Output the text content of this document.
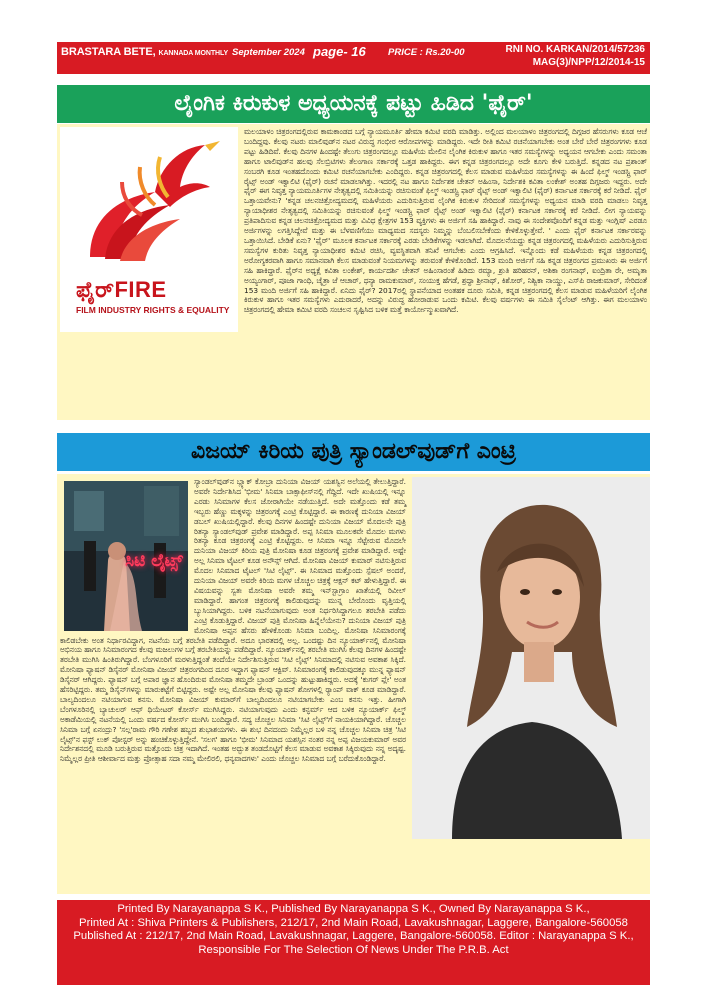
BRASTARA BETE, KANNADA MONTHLY September 2024 page- 16 PRICE : Rs.20-00	RNI NO. KARKAN/2014/57236
MAG(3)/NPP/12/2014-15
ಲೈಂಗಿಕ ಕಿರುಕುಳ ಅಧ್ಯಯನಕ್ಕೆ ಪಟ್ಟು ಹಿಡಿದ 'ಫೈರ್'
ಫೈರ್FIRE
FILM INDUSTRY RIGHTS & EQUALITY

ಮಲಯಾಳಂ ಚಿತ್ರರಂಗದಲ್ಲಿರುವ ಕಾಮಕಾಂಡದ ಬಗ್ಗೆ ನ್ಯಾಯಮೂರ್ತಿ ಹೇಮಾ ಕಮಿಟಿ ವರದಿ ಮಾಡಿತ್ತು. ಅಲ್ಲಿಂದ ಮಲಯಾಳಂ ಚಿತ್ರರಂಗದಲ್ಲಿ ದಿಗ್ಗಜರ ಹೆಸರುಗಳು ಕೂಡ ಆಚೆ ಬಂದಿದ್ದವು. ಕೆಲವು ನಟರು ಮಾಲಿವುಡ್‌ನ ನಟರ ವಿರುದ್ಧ ಗಂಭೀರ ಆರೋಪಗಳನ್ನು ಮಾಡಿದ್ದರು. ಇದೇ ರೀತಿ ಕಮಿಟಿ ರಚನೆಯಾಗಬೇಕು ಅಂತ ಬೇರೆ ಬೇರೆ ಚಿತ್ರರಂಗಗಳು ಕೂಡ ಪಟ್ಟು ಹಿಡಿದಿವೆ. ಕೆಲವು ದಿನಗಳ ಹಿಂದಷ್ಟೇ ತೆಲುಗು ಚಿತ್ರರಂಗದಲ್ಲೂ ಮಹಿಳೆಯ ಮೇಲಿನ ಲೈಂಗಿಕ ಕಿರುಕುಳ ಹಾಗೂ ಇತರ ಸಮಸ್ಯೆಗಳನ್ನು ಅಧ್ಯಯನ ಆಗಬೇಕು ಎಂದು ಸಮಂತಾ ಹಾಗೂ ಟಾಲಿವುಡ್‌ನ ಹಲವು ಸೆಲಬ್ರಿಟಿಗಳು ತೆಲಂಗಾಣ ಸರ್ಕಾರಕ್ಕೆ ಒತ್ತಡ ಹಾಕಿದ್ದರು. ಈಗ ಕನ್ನಡ ಚಿತ್ರರಂಗದಲ್ಲೂ ಅದೇ ಕೂಗು ಕೇಳಿ ಬರುತ್ತಿದೆ. ಕನ್ನಡದ ನಟ ಪ್ರಶಾಂತ್ ಸಂಬರಗಿ ಕೂಡ ಇಂತಹದೊಂದು ಕಮಿಟಿ ರಚನೆಯಾಗಬೇಕು ಎಂದಿದ್ದರು. ಕನ್ನಡ ಚಿತ್ರರಂಗದಲ್ಲಿ ಕೆಲಸ ಮಾಡುವ ಮಹಿಳೆಯರ ಸಮಸ್ಯೆಗಳನ್ನು ಈ ಹಿಂದೆ ಫಿಲ್ಮ್ ಇಂಡಸ್ಟ್ರಿ ಫಾರ್ ರೈಟ್ಸ್ ಅಂಡ್ ಇಕ್ವಾಲಿಟಿ (ಫೈರ್) ರಚನೆ ಮಾಡಲಾಗಿತ್ತು. ಇದರಲ್ಲಿ ನಟ ಹಾಗೂ ನಿರ್ದೇಶಕ ಚೇತನ್ ಅಹಿಂಸಾ, ನಿರ್ದೇಶಕಿ ಕವಿತಾ ಲಂಕೇಶ್ ಅಂತಹ ದಿಗ್ಗಜರು ಇದ್ದರು. ಅದೇ ಫೈರ್ ಈಗ ನಿವೃತ್ತ ನ್ಯಾಯಮೂರ್ತಿಗಳ ನೇತೃತ್ವದಲ್ಲಿ ಸಮಿತಿಯನ್ನು ರಚಿಸುವಂತೆ ಫಿಲ್ಮ್ ಇಂಡಸ್ಟ್ರಿ ಫಾರ್ ರೈಟ್ಸ್ ಅಂಡ್ ಇಕ್ವಾಲಿಟಿ (ಫೈರ್) ಕರ್ನಾಟಕ ಸರ್ಕಾರಕ್ಕೆ ಕರೆ ನೀಡಿದೆ. ಫೈರ್ ಒತ್ತಾಯವೇನು? 'ಕನ್ನಡ ಚಲನಚಿತ್ರೋದ್ಯಮದಲ್ಲಿ ಮಹಿಳೆಯರು ಎದುರಿಸುತ್ತಿರುವ ಲೈಂಗಿಕ ಕಿರುಕುಳ ಸೇರಿದಂತೆ ಸಮಸ್ಯೆಗಳನ್ನು ಅಧ್ಯಯನ ಮಾಡಿ ವರದಿ ಮಾಡಲು ನಿವೃತ್ತ ನ್ಯಾಯಾಧೀಶರ ನೇತೃತ್ವದಲ್ಲಿ ಸಮಿತಿಯನ್ನು ರಚಿಸುವಂತೆ ಫಿಲ್ಮ್ ಇಂಡಸ್ಟ್ರಿ ಫಾರ್ ರೈಟ್ಸ್ ಅಂಡ್ ಇಕ್ವಾಲಿಟಿ (ಫೈರ್) ಕರ್ನಾಟಕ ಸರ್ಕಾರಕ್ಕೆ ಕರೆ ನೀಡಿದೆ. ಲೀಗ ನ್ಯಾಯವನ್ನು ಪ್ರತಿಪಾದಿಸುವ ಕನ್ನಡ ಚಲನಚಿತ್ರೋದ್ಯಮದ ಮತ್ತು ವಿವಿಧ ಕ್ಷೇತ್ರಗಳ 153 ವ್ಯಕ್ತಿಗಳು ಈ ಅರ್ಜಿಗೆ ಸಹಿ ಹಾಕಿದ್ದಾರೆ. ನಾವು ಈ ಸಂದೇಶವೊಂದಿಗೆ ಕನ್ನಡ ಮತ್ತು ಇಂಗ್ಲಿಷ್ ಎರಡೂ ಅರ್ಜಿಗಳನ್ನು ಲಗತ್ತಿಸಿದ್ದೇವೆ ಮತ್ತು ಈ ಬೆಳವಣಿಗೆಯು ಮಾಧ್ಯಮದ ಸದಸ್ಯರು ನಿಮ್ಮನ್ನು ಬೆಂಬಲಿಸಬೇಕೆಂದು ಕೇಳಿಕೊಳ್ಳುತ್ತೇವೆ. ' ಎಂದು ಫೈರ್ ಕರ್ನಾಟಕ ಸರ್ಕಾರವನ್ನು ಒತ್ತಾಯಿಸಿದೆ. ಬೇಡಿಕೆ ಏನು? 'ಫೈರ್' ಮೂಲಕ ಕರ್ನಾಟಕ ಸರ್ಕಾರಕ್ಕೆ ಎರಡು ಬೇಡಿಕೆಗಳನ್ನು ಇಡಲಾಗಿದೆ. ಮೊದಲನೆಯದ್ದು ಕನ್ನಡ ಚಿತ್ರರಂಗದಲ್ಲಿ ಮಹಿಳೆಯರು ಎದುರಿಸುತ್ತಿರುವ ಸಮಸ್ಯೆಗಳ ಕುರಿತು ನಿವೃತ್ತ ನ್ಯಾಯಾಧೀಶರ ಕಮಿಟಿ ರಚಿಸಿ, ವ್ಯವಸ್ಥಿತವಾಗಿ ತನಿಖೆ ಆಗಬೇಕು ಎಂದು ಆಗ್ರಹಿಸಿದೆ. ಇನ್ನೊಂದು ಕಡೆ ಮಹಿಳೆಯರು ಕನ್ನಡ ಚಿತ್ರರಂಗದಲ್ಲಿ ಅರೋಗ್ಯಕರವಾಗಿ ಹಾಗೂ ಸಮಾನವಾಗಿ ಕೆಲಸ ಮಾಡುವಂತೆ ನಿಯಮಗಳನ್ನು ತರುವಂತೆ ಕೇಳಿಕೊಂಡಿದೆ. 153 ಮಂದಿ ಅರ್ಜಿಗೆ ಸಹಿ ಕನ್ನಡ ಚಿತ್ರರಂಗದ ಪ್ರಮುಖರು ಈ ಅರ್ಜಿಗೆ ಸಹಿ ಹಾಕಿದ್ದಾರೆ. ಫೈರ್‌ನ ಅಧ್ಯಕ್ಷೆ ಕವಿತಾ ಲಂಕೇಶ್, ಕಾರ್ಯದರ್ಶಿ ಚೇತನ್ ಅಹಿಂಸಾರಂತೆ ಹಿಡಿದು ರಮ್ಯಾ, ಶ್ರುತಿ ಹರಿಹರನ್, ಅಶಿಕಾ ರಂಗನಾಥ್, ಐಂದ್ರಿತಾ ರೇ, ಅಮೃತಾ ಅಯ್ಯಂಗಾರ್, ಪೂಜಾ ಗಾಂಧಿ, ಚೈತ್ರಾ ಜೆ ಆಚಾರ್, ಧನ್ಯಾ ರಾಮಕುಮಾರ್, ಸಂಯುಕ್ತ ಹೆಗಡೆ, ಶ್ರದ್ಧಾ ಶ್ರೀನಾಥ್, ಕಿಶೋರ್, ನಿಶ್ವಿಕಾ ನಾಯ್ಡು, ಎಸ್‌ಪಿ ರಾಜಕುಮಾರ್, ಸೇರಿದಂತೆ 153 ಮಂದಿ ಅರ್ಜಿಗೆ ಸಹಿ ಹಾಕಿದ್ದಾರೆ. ಏನಿದು ಫೈರ್? 2017ರಲ್ಲಿ ಸ್ಥಾಪನೆಯಾದ ಅಂತಹಕ ದೂರು ಸಮಿತಿ, ಕನ್ನಡ ಚಿತ್ರರಂಗದಲ್ಲಿ ಕೆಲಸ ಮಾಡುವ ಮಹಿಳೆಯರಿಗೆ ಲೈಂಗಿಕ ಕಿರುಕುಳ ಹಾಗೂ ಇತರ ಸಮಸ್ಯೆಗಳು ಎದುರಾದರೆ, ಅದನ್ನು ವಿರುದ್ಧ ಹೋರಾಡುವ ಒಂದು ಕಮಿಟಿ. ಕೆಲವು ವರ್ಷಗಳು ಈ ಸಮಿತಿ ಸೈಲೆಂಟ್ ಆಗಿತ್ತು. ಈಗ ಮಲಯಾಳಂ ಚಿತ್ರರಂಗದಲ್ಲಿ ಹೇಮಾ ಕಮಿಟಿ ವರದಿ ಸಂಚಲನ ಸೃಷ್ಟಿಸಿದ ಬಳಿಕ ಮತ್ತೆ ಕಾರ್ಯೋನ್ಮುಖವಾಗಿದೆ.

ವಿಜಯ್ ಕಿರಿಯ ಪುತ್ರಿ ಸ್ಯಾಂಡಲ್‌ವುಡ್‌ಗೆ ಎಂಟ್ರಿ
ಸಿಟಿ ಲೈಟ್ಸ್

ಸ್ಯಾಂಡಲ್‌ವುಡ್‌ನ ಬ್ಲ್ಯಾಕ್ ಕೋಬ್ರಾ ದುನಿಯಾ ವಿಜಯ್ ಯಶಸ್ವಿನ ಅಲೆಯಲ್ಲಿ ತೇಲುತ್ತಿದ್ದಾರೆ. ಅವರೇ ನಿರ್ದೇಶಿಸಿದ 'ಭೀಮ' ಸಿನಿಮಾ ಬಾಕ್ಸಾಫೀಸ್‌ನಲ್ಲಿ ಗೆದ್ದಿದೆ. ಇದೇ ಖುಷಿಯಲ್ಲಿ ಇನ್ನೂ ಎರಡು ಸಿನಿಮಾಗಳ ಕೆಲಸ ಜೋರಾಗಿಯೇ ನಡೆಯುತ್ತಿದೆ. ಅದೇ ಮತ್ತೊಂದು ಕಡೆ ತಮ್ಮ ಇಬ್ಬರು ಹೆಣ್ಣು ಮಕ್ಕಳನ್ನು ಚಿತ್ರರಂಗಕ್ಕೆ ಎಂಟ್ರಿ ಕೊಟ್ಟಿದ್ದಾರೆ. ಈ ಕಾರಣಕ್ಕೆ ದುನಿಯಾ ವಿಜಯ್ ಡಬಲ್ ಖುಷಿಯಲ್ಲಿದ್ದಾರೆ. ಕೆಲವು ದಿನಗಳ ಹಿಂದಷ್ಟೇ ದುನಿಯಾ ವಿಜಯ್ ಮೊದಲನೇ ಪುತ್ರಿ ರಿತನ್ಯಾ ಸ್ಯಾಂಡಲ್‌ವುಡ್ ಪ್ರವೇಶ ಮಾಡಿದ್ದಾರೆ. ಅಪ್ಪ ಸಿನಿಮಾ ಮೂಲಕವೇ ಮೊದಲ ಮಗಳು ರಿತನ್ಯಾ ಕೂಡ ಚಿತ್ರರಂಗಕ್ಕೆ ಎಂಟ್ರಿ ಕೊಟ್ಟಿದ್ದರು. ಆ ಸಿನಿಮಾ ಇನ್ನೂ ಸೆಟ್ಟೇರುವ ಮೊದಲೇ ದುನಿಯಾ ವಿಜಯ್ ಕಿರಿಯ ಪುತ್ರಿ ಮೋನಿಷಾ ಕೂಡ ಚಿತ್ರರಂಗಕ್ಕೆ ಪ್ರವೇಶ ಮಾಡಿದ್ದಾರೆ. ಅಷ್ಟೇ ಅಲ್ಲ ಸಿನಿಮಾ ಟೈಟಲ್ ಕೂಡ ಅನೌನ್ಸ್ ಆಗಿದೆ. ಮೋನಿಷಾ ವಿಜಯ್ ಕುಮಾರ್ ನಟಿಸುತ್ತಿರುವ ಮೊದಲ ಸಿನಿಮಾದ ಟೈಟಲ್ 'ಸಿಟಿ ಲೈಟ್ಸ್'. ಈ ಸಿನಿಮಾದ ಮತ್ತೊಂದು ಸ್ಪೆಷಲ್ ಅಂದರೆ, ದುನಿಯಾ ವಿಜಯ್ ಅವರೇ ಕಿರಿಯ ಮಗಳ ಚೊಚ್ಚಲ ಚಿತ್ರಕ್ಕೆ ಆಕ್ಷನ್ ಕಟ್ ಹೇಳುತ್ತಿದ್ದಾರೆ. ಈ ವಿಷಯವನ್ನು ಸ್ವತಃ ಮೋನಿಷಾ ಅವರೇ ತಮ್ಮ ಇನ್‌ಸ್ಟಾಗ್ರಾಂ ಖಾತೆಯಲ್ಲಿ ರಿವೀಲ್ ಮಾಡಿದ್ದಾರೆ. ಹಾಗಂತ ಚಿತ್ರರಂಗಕ್ಕೆ ಕಾಲಿಡುವುದನ್ನು ಮುನ್ನ ಬೇರೊಂದು ವೃತ್ತಿಯಲ್ಲಿ ಬ್ಯುಸಿಯಾಗಿದ್ದರು. ಬಳಿಕ ನಟನೆಯಾಗುವುದು ಅಂತ ನಿರ್ಧರಿಸಿದ್ದಾಗಲೂ ತರಬೇತಿ ಪಡೆದು ಎಂಟ್ರಿ ಕೊಡುತ್ತಿದ್ದಾರೆ. ವಿಜಯ್ ಪುತ್ರಿ ಮೋನಿಷಾ ಹಿನ್ನೆಲೆಯೇನು? ದುನಿಯಾ ವಿಜಯ್ ಪುತ್ರಿ ಮೋನಿಷಾ ಅಪ್ಪನ ಹೆಸರು ಹೇಳಿಕೊಂಡು ಸಿನಿಮಾ ಬಂದಿಲ್ಲ. ಮೋನಿಷಾ ಸಿನಿಮಾರಂಗಕ್ಕೆ ಕಾಲಿಡಬೇಕು ಅಂತ ನಿರ್ಧಾರವಿದ್ದಾಗ, ನಟನೆಯ ಬಗ್ಗೆ ತರಬೇತಿ ಪಡೆದಿದ್ದಾರೆ. ಅದೂ ಭಾರತದಲ್ಲಿ ಅಲ್ಲ. ಒಂದಷ್ಟು ದಿನ ನ್ಯೂಯಾರ್ಕ್‌ನಲ್ಲಿ ಮೋನಿಷಾ ಅಭಿನಯ ಹಾಗೂ ಸಿನಿಮಾರಂಗದ ಕೆಲವು ಮಜಲುಗಳ ಬಗ್ಗೆ ತರಬೇತಿಯನ್ನು ಪಡೆದಿದ್ದಾರೆ. ನ್ಯೂಯಾರ್ಕ್‌ನಲ್ಲಿ ತರಬೇತಿ ಮುಗಿಸಿ ಕೆಲವು ದಿನಗಳ ಹಿಂದಷ್ಟೇ ತರಬೇತಿ ಮುಗಿಸಿ ಹಿಂತಿರುಗಿದ್ದಾರೆ. ಬೆಂಗಳೂರಿಗೆ ಮರಳುತ್ತಿದ್ದಂತೆ ತಂದೆಯೇ ನಿರ್ದೇಶಿಸುತ್ತಿರುವ 'ಸಿಟಿ ಲೈಟ್ಸ್' ಸಿನಿಮಾದಲ್ಲಿ ನಟಿಸುವ ಅವಕಾಶ ಸಿಕ್ಕಿದೆ. ಮೋನಿಷಾ ಫ್ಯಾಷನ್ ಡಿಸೈನರ್ ಮೋನಿಷಾ ವಿಜಯ್ ಚಿತ್ರರಂಗದಿಂದ ದೂರ ಇದ್ದಾಗ ಫ್ಯಾಷನ್ ಆಕ್ಟಿವ್. ಸಿನಿಮಾರಂಗಕ್ಕೆ ಕಾಲಿಡುವುದಕ್ಕೂ ಮುನ್ನ ಫ್ಯಾಷನ್ ಡಿಸೈನರ್ ಆಗಿದ್ದರು. ಫ್ಯಾಷನ್ ಬಗ್ಗೆ ಅಪಾರ ಜ್ಞಾನ ಹೊಂದಿರುವ ಮೋನಿಷಾ ತಮ್ಮದೇ ಬ್ರಾಂಡ್ ಒಂದನ್ನು ಹುಟ್ಟುಹಾಕಿದ್ದರು. ಅದಕ್ಕೆ 'ಕುಗರ್ ಪ್ಲೇ' ಅಂತ ಹೆಸರಿಟ್ಟಿದ್ದರು. ತಮ್ಮ ಡಿಸೈನ್‌ಗಳನ್ನು ಮಾರುಕಟ್ಟೆಗೆ ಬಿಟ್ಟಿದ್ದರು. ಅಷ್ಟೇ ಅಲ್ಲ ಮೋನಿಷಾ ಕೆಲವು ಫ್ಯಾಷನ್ ಶೋಗಳಲ್ಲಿ ರ್‍ಯಾಂಪ್ ವಾಕ್ ಕೂಡ ಮಾಡಿದ್ದಾರೆ. ಬಾಲ್ಯದಿಂದಲೂ ನಟಿಯಾಗುವ ಕನಸು. ಮೋನಿಷಾ ವಿಜಯ್ ಕುಮಾರ್‌ಗೆ ಬಾಲ್ಯದಿಂದಲೂ ನಟಿಯಾಗಬೇಕು ಎಂಬ ಕನಸು ಇತ್ತು. ಹೀಗಾಗಿ ಬೆಂಗಳೂರಿನಲ್ಲಿ ಬ್ಯಾಚುಲರ್ ಆಫ್ ಥಿಯೇಟರ್ ಕೋರ್ಸ್ ಮುಗಿಸಿದ್ದರು. ನಟಿಯಾಗುವುದು ಎಂದು ಕನ್ಫರ್ಮ್ ಆದ ಬಳಿಕ ನ್ಯೂಯಾರ್ಕ್ ಫಿಲ್ಮ್ ಅಕಾಡೆಮಿಯಲ್ಲಿ ನಟನೆಯಲ್ಲಿ ಒಂದು ವರ್ಷದ ಕೋರ್ಸ್ ಮುಗಿಸಿ ಬಂದಿದ್ದಾರೆ. ಸದ್ಯ ಚೊಚ್ಚಲ ಸಿನಿಮಾ 'ಸಿಟಿ ಲೈಟ್ಸ್'ಗೆ ನಾಯಕಿಯಾಗಿದ್ದಾರೆ. ಚೊಚ್ಚಲ ಸಿನಿಮಾ ಬಗ್ಗೆ ಏನಂದ್ರು? 'ಸಲ್ಗ'ರಾಮ ಗೌರಿ ಗಣೇಶ ಹಬ್ಬದ ಶುಭಾಶಯಗಳು. ಈ ಶುಭ ದಿನದಂದು ನಿಮ್ಮೆಲ್ಲರ ಬಳಿ ನನ್ನ ಚೊಚ್ಚಲ ಸಿನಿಮಾ ಚಿತ್ರ 'ಸಿಟಿ ಲೈಟ್ಸ್'ನ ಫಸ್ಟ್ ಲುಕ್ ಪೋಸ್ಟರ್ ಅನ್ನು ಹಂಚಿಕೊಳ್ಳುತ್ತಿದ್ದೇನೆ. 'ಸಲಗ' ಹಾಗೂ 'ಭೀಮ' ಸಿನಿಮಾದ ಯಶಸ್ಸಿನ ನಂತರ ನನ್ನ ಅಪ್ಪ ವಿಜಯಕುಮಾರ್ ಅವರ ನಿರ್ದೇಶನದಲ್ಲಿ ಮೂಡಿ ಬರುತ್ತಿರುವ ಮತ್ತೊಂದು ಚಿತ್ರ ಇದಾಗಿದೆ. ಇಂತಹ ಅದ್ಭುತ ತಂಡದೊಟ್ಟಿಗೆ ಕೆಲಸ ಮಾಡುವ ಅವಕಾಶ ಸಿಕ್ಕಿರುವುದು ನನ್ನ ಅದೃಷ್ಟ. ನಿಮ್ಮೆಲ್ಲರ ಪ್ರೀತಿ ಆಶೀರ್ವಾದ ಮತ್ತು ಪ್ರೋತ್ಸಾಹ ಸದಾ ನಮ್ಮ ಮೇಲಿರಲಿ, ಧನ್ಯವಾದಗಳು' ಎಂದು ಚೊಚ್ಚಲ ಸಿನಿಮಾದ ಬಗ್ಗೆ ಬರೆದುಕೊಂಡಿದ್ದಾರೆ.

Printed By Narayanappa S K., Published By Narayanappa S K., Owned By Narayanappa S K.,
Printed At : Shiva Printers & Publishers, 212/17, 2nd Main Road, Lavakushnagar, Laggere, Bangalore-560058
Published At : 212/17, 2nd Main Road, Lavakushnagar, Laggere, Bangalore-560058. Editor : Narayanappa S K.,
Responsible For The Selection Of News Under The P.R.B. Act
